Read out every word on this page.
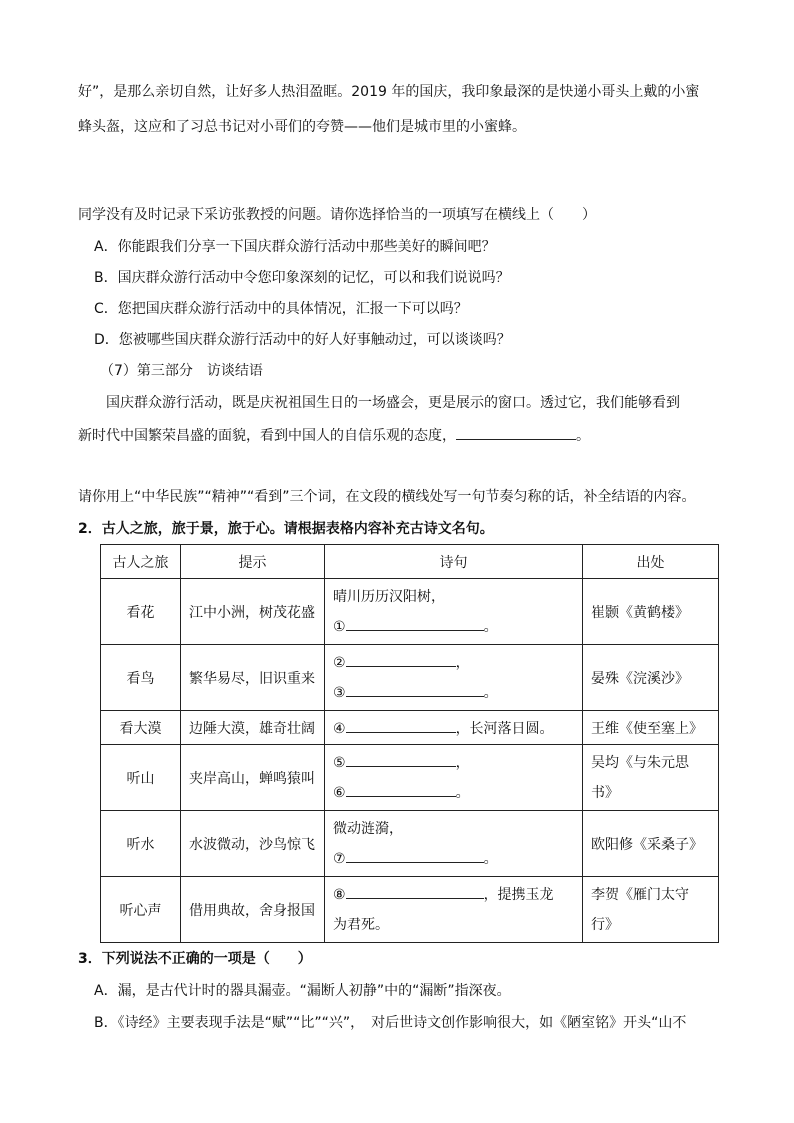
好”，是那么亲切自然，让好多人热泪盈眶。2019 年的国庆，我印象最深的是快递小哥头上戴的小蜜
蜂头盔，这应和了习总书记对小哥们的夸赞——他们是城市里的小蜜蜂。
同学没有及时记录下采访张教授的问题。请你选择恰当的一项填写在横线上（　　）
A．你能跟我们分享一下国庆群众游行活动中那些美好的瞬间吧？
B．国庆群众游行活动中令您印象深刻的记忆，可以和我们说说吗？
C．您把国庆群众游行活动中的具体情况，汇报一下可以吗？
D．您被哪些国庆群众游行活动中的好人好事触动过，可以谈谈吗？
（7）第三部分　访谈结语
国庆群众游行活动，既是庆祝祖国生日的一场盛会，更是展示的窗口。透过它，我们能够看到
新时代中国繁荣昌盛的面貌，看到中国人的自信乐观的态度，	。
请你用上“中华民族”“精神”“看到”三个词，在文段的横线处写一句节奏匀称的话，补全结语的内容。
2．古人之旅，旅于景，旅于心。请根据表格内容补充古诗文名句。
古人之旅	提示	诗句	出处
看花	江中小洲，树茂花盛	晴川历历汉阳树，
① 。	崔颢《黄鹤楼》
看鸟	繁华易尽，旧识重来	② ，
③ 。	晏殊《浣溪沙》
看大漠	边陲大漠，雄奇壮阔	④ ，长河落日圆。	王维《使至塞上》
听山	夹岸高山，蝉鸣猿叫	⑤ ，
⑥ 。	吴均《与朱元思
书》

听水	水波微动，沙鸟惊飞	微动涟漪，
⑦ 。	欧阳修《采桑子》
听心声	借用典故，舍身报国	⑧ ，提携玉龙
为君死。	李贺《雁门太守
行》
3．下列说法不正确的一项是（　　）
A．漏，是古代计时的器具漏壶。“漏断人初静”中的“漏断”指深夜。
B．《诗经》主要表现手法是“赋”“比”“兴”，　对后世诗文创作影响很大，如《陋室铭》开头“山不
